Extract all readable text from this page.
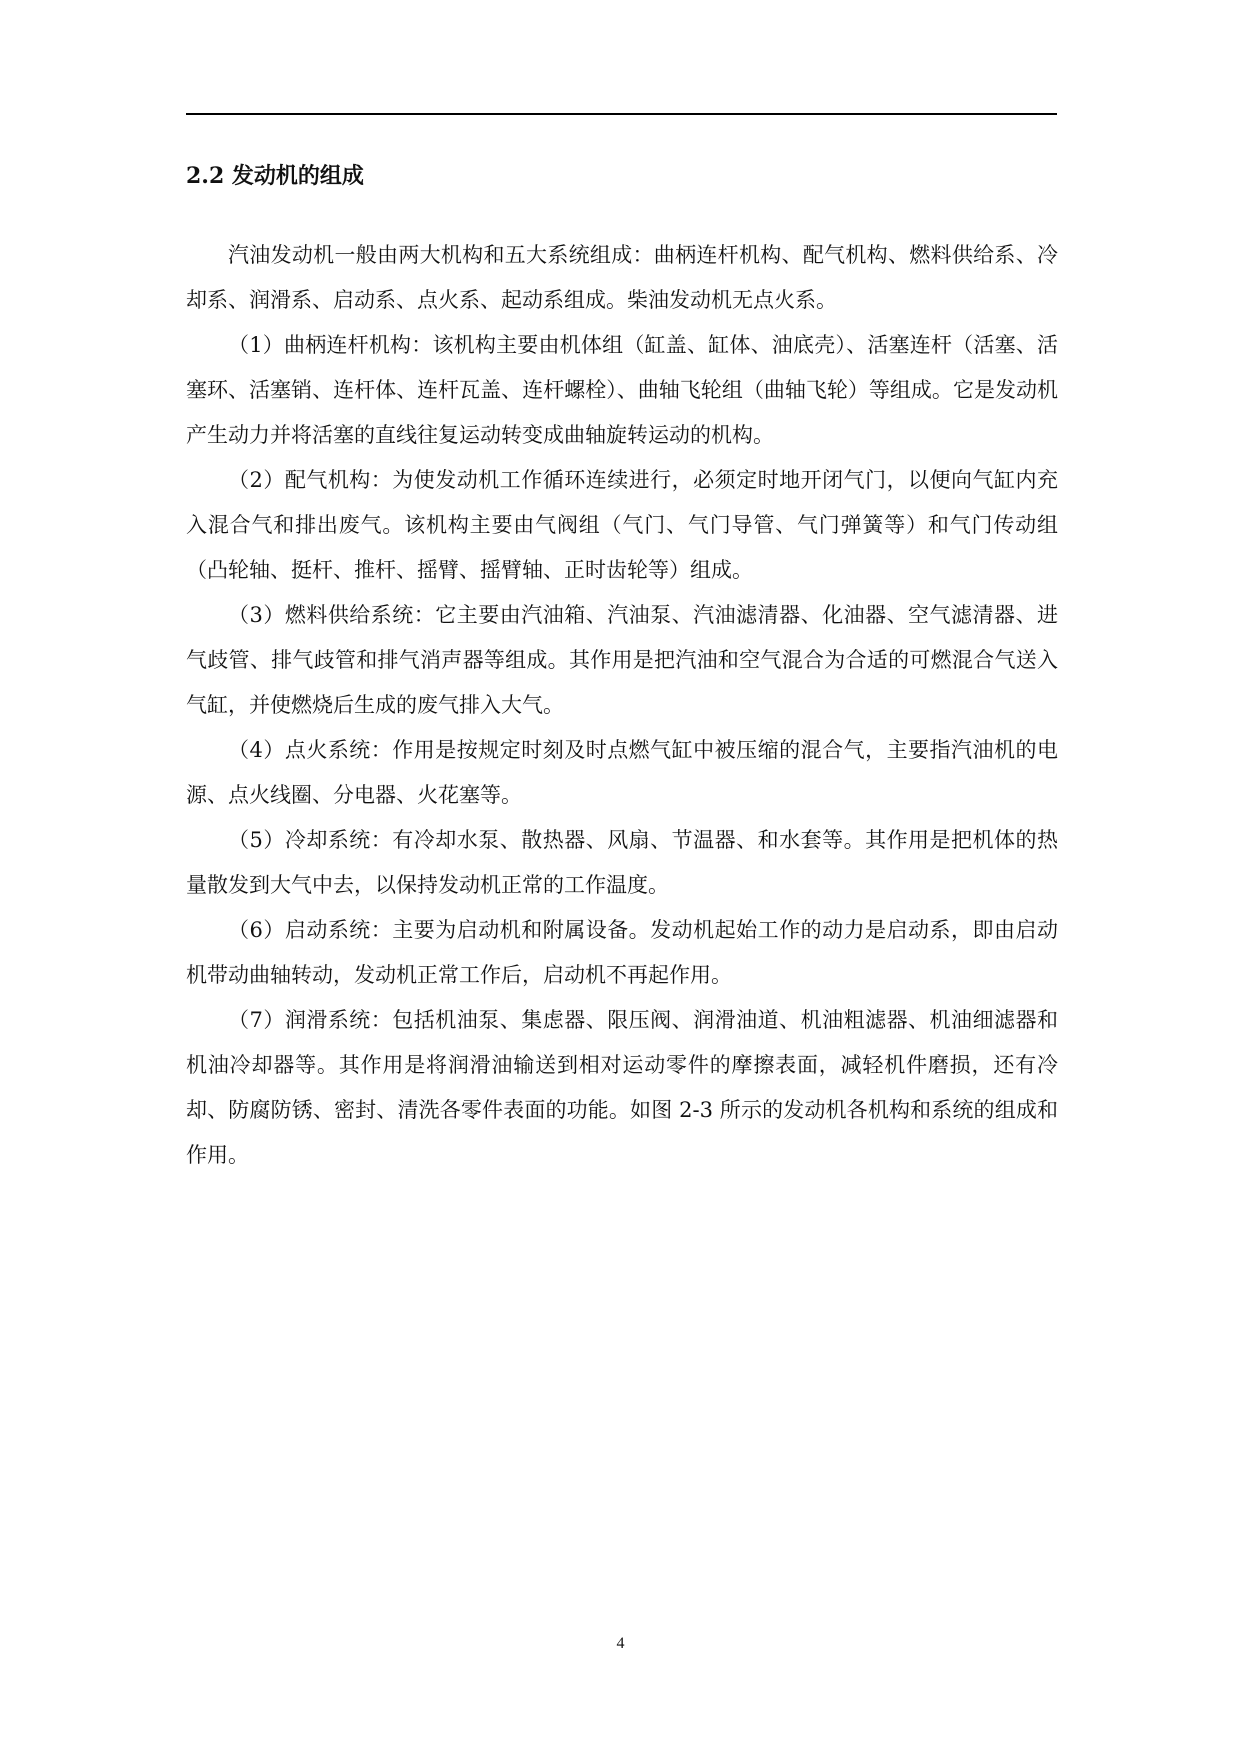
2.2 发动机的组成

汽油发动机一般由两大机构和五大系统组成：曲柄连杆机构、配气机构、燃料供给系、冷却系、润滑系、启动系、点火系、起动系组成。柴油发动机无点火系。

（1）曲柄连杆机构：该机构主要由机体组（缸盖、缸体、油底壳）、活塞连杆（活塞、活塞环、活塞销、连杆体、连杆瓦盖、连杆螺栓）、曲轴飞轮组（曲轴飞轮）等组成。它是发动机产生动力并将活塞的直线往复运动转变成曲轴旋转运动的机构。

（2）配气机构：为使发动机工作循环连续进行，必须定时地开闭气门，以便向气缸内充入混合气和排出废气。该机构主要由气阀组（气门、气门导管、气门弹簧等）和气门传动组（凸轮轴、挺杆、推杆、摇臂、摇臂轴、正时齿轮等）组成。

（3）燃料供给系统：它主要由汽油箱、汽油泵、汽油滤清器、化油器、空气滤清器、进气歧管、排气歧管和排气消声器等组成。其作用是把汽油和空气混合为合适的可燃混合气送入气缸，并使燃烧后生成的废气排入大气。

（4）点火系统：作用是按规定时刻及时点燃气缸中被压缩的混合气，主要指汽油机的电源、点火线圈、分电器、火花塞等。

（5）冷却系统：有冷却水泵、散热器、风扇、节温器、和水套等。其作用是把机体的热量散发到大气中去，以保持发动机正常的工作温度。

（6）启动系统：主要为启动机和附属设备。发动机起始工作的动力是启动系，即由启动机带动曲轴转动，发动机正常工作后，启动机不再起作用。

（7）润滑系统：包括机油泵、集虑器、限压阀、润滑油道、机油粗滤器、机油细滤器和机油冷却器等。其作用是将润滑油输送到相对运动零件的摩擦表面，减轻机件磨损，还有冷却、防腐防锈、密封、清洗各零件表面的功能。如图 2-3 所示的发动机各机构和系统的组成和作用。

4
